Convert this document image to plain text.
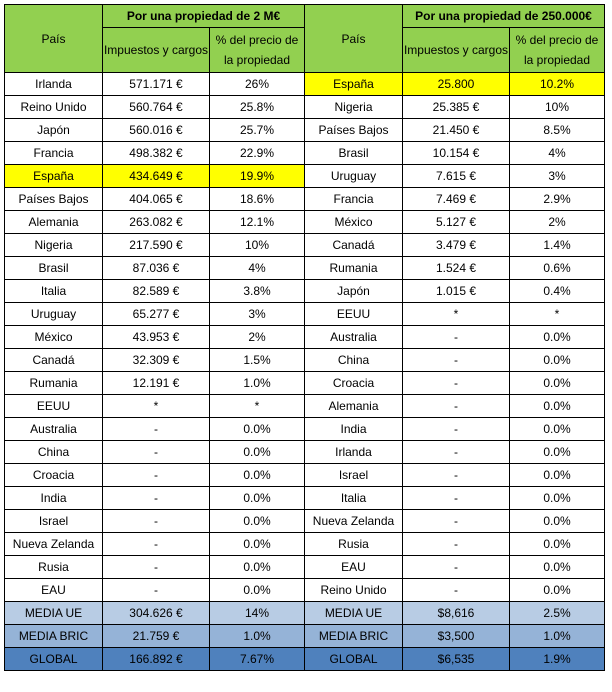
País	Por una propiedad de 2 M€		País	Por una propiedad de 250.000€	
	Impuestos y cargos	% del precio de la propiedad		Impuestos y cargos	% del precio de la propiedad
Irlanda	571.171 €	26%	España	25.800	10.2%
Reino Unido	560.764 €	25.8%	Nigeria	25.385 €	10%
Japón	560.016 €	25.7%	Países Bajos	21.450 €	8.5%
Francia	498.382 €	22.9%	Brasil	10.154 €	4%
España	434.649 €	19.9%	Uruguay	7.615 €	3%
Países Bajos	404.065 €	18.6%	Francia	7.469 €	2.9%
Alemania	263.082 €	12.1%	México	5.127 €	2%
Nigeria	217.590 €	10%	Canadá	3.479 €	1.4%
Brasil	87.036 €	4%	Rumania	1.524 €	0.6%
Italia	82.589 €	3.8%	Japón	1.015 €	0.4%
Uruguay	65.277 €	3%	EEUU	*	*
México	43.953 €	2%	Australia	-	0.0%
Canadá	32.309 €	1.5%	China	-	0.0%
Rumania	12.191 €	1.0%	Croacia	-	0.0%
EEUU	*	*	Alemania	-	0.0%
Australia	-	0.0%	India	-	0.0%
China	-	0.0%	Irlanda	-	0.0%
Croacia	-	0.0%	Israel	-	0.0%
India	-	0.0%	Italia	-	0.0%
Israel	-	0.0%	Nueva Zelanda	-	0.0%
Nueva Zelanda	-	0.0%	Rusia	-	0.0%
Rusia	-	0.0%	EAU	-	0.0%
EAU	-	0.0%	Reino Unido	-	0.0%
MEDIA UE	304.626 €	14%	MEDIA UE	$8,616	2.5%
MEDIA BRIC	21.759 €	1.0%	MEDIA BRIC	$3,500	1.0%
GLOBAL	166.892 €	7.67%	GLOBAL	$6,535	1.9%
